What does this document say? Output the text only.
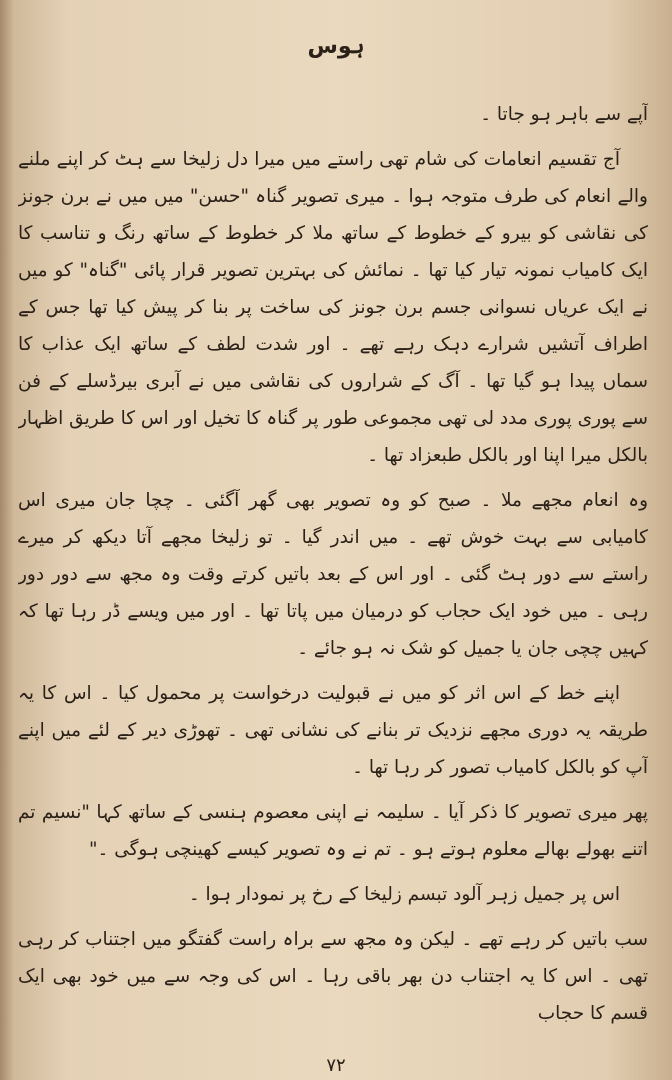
ہوس

آپے سے باہر ہو جاتا ۔

آج تقسیم انعامات کی شام تھی راستے میں میرا دل زلیخا سے ہٹ کر اپنے ملنے والے انعام کی طرف متوجہ ہوا ۔ میری تصویر گناہ "حسن" میں میں نے برن جونز کی نقاشی کو بیرو کے خطوط کے ساتھ ملا کر خطوط کے ساتھ رنگ و تناسب کا ایک کامیاب نمونہ تیار کیا تھا ۔ نمائش کی بہترین تصویر قرار پائی "گناہ" کو میں نے ایک عریاں نسوانی جسم برن جونز کی ساخت پر بنا کر پیش کیا تھا جس کے اطراف آتشیں شرارے دہک رہے تھے ۔ اور شدت لطف کے ساتھ ایک عذاب کا سماں پیدا ہو گیا تھا ۔ آگ کے شراروں کی نقاشی میں نے آبری بیرڈسلے کے فن سے پوری پوری مدد لی تھی مجموعی طور پر گناہ کا تخیل اور اس کا طریق اظہار بالکل میرا اپنا اور بالکل طبعزاد تھا ۔

وہ انعام مجھے ملا ۔ صبح کو وہ تصویر بھی گھر آگئی ۔ چچا جان میری اس کامیابی سے بہت خوش تھے ۔ میں اندر گیا ۔ تو زلیخا مجھے آتا دیکھ کر میرے راستے سے دور ہٹ گئی ۔ اور اس کے بعد باتیں کرتے وقت وہ مجھ سے دور دور رہی ۔ میں خود ایک حجاب کو درمیان میں پاتا تھا ۔ اور میں ویسے ڈر رہا تھا کہ کہیں چچی جان یا جمیل کو شک نہ ہو جائے ۔

اپنے خط کے اس اثر کو میں نے قبولیت درخواست پر محمول کیا ۔ اس کا یہ طریقہ یہ دوری مجھے نزدیک تر بنانے کی نشانی تھی ۔ تھوڑی دیر کے لئے میں اپنے آپ کو بالکل کامیاب تصور کر رہا تھا ۔

پھر میری تصویر کا ذکر آیا ۔ سلیمہ نے اپنی معصوم ہنسی کے ساتھ کہا "نسیم تم اتنے بھولے بھالے معلوم ہوتے ہو ۔ تم نے وہ تصویر کیسے کھینچی ہوگی ۔"

اس پر جمیل زہر آلود تبسم زلیخا کے رخ پر نمودار ہوا ۔

سب باتیں کر رہے تھے ۔ لیکن وہ مجھ سے براہ راست گفتگو میں اجتناب کر رہی تھی ۔ اس کا یہ اجتناب دن بھر باقی رہا ۔ اس کی وجہ سے میں خود بھی ایک قسم کا حجاب

۷۲
